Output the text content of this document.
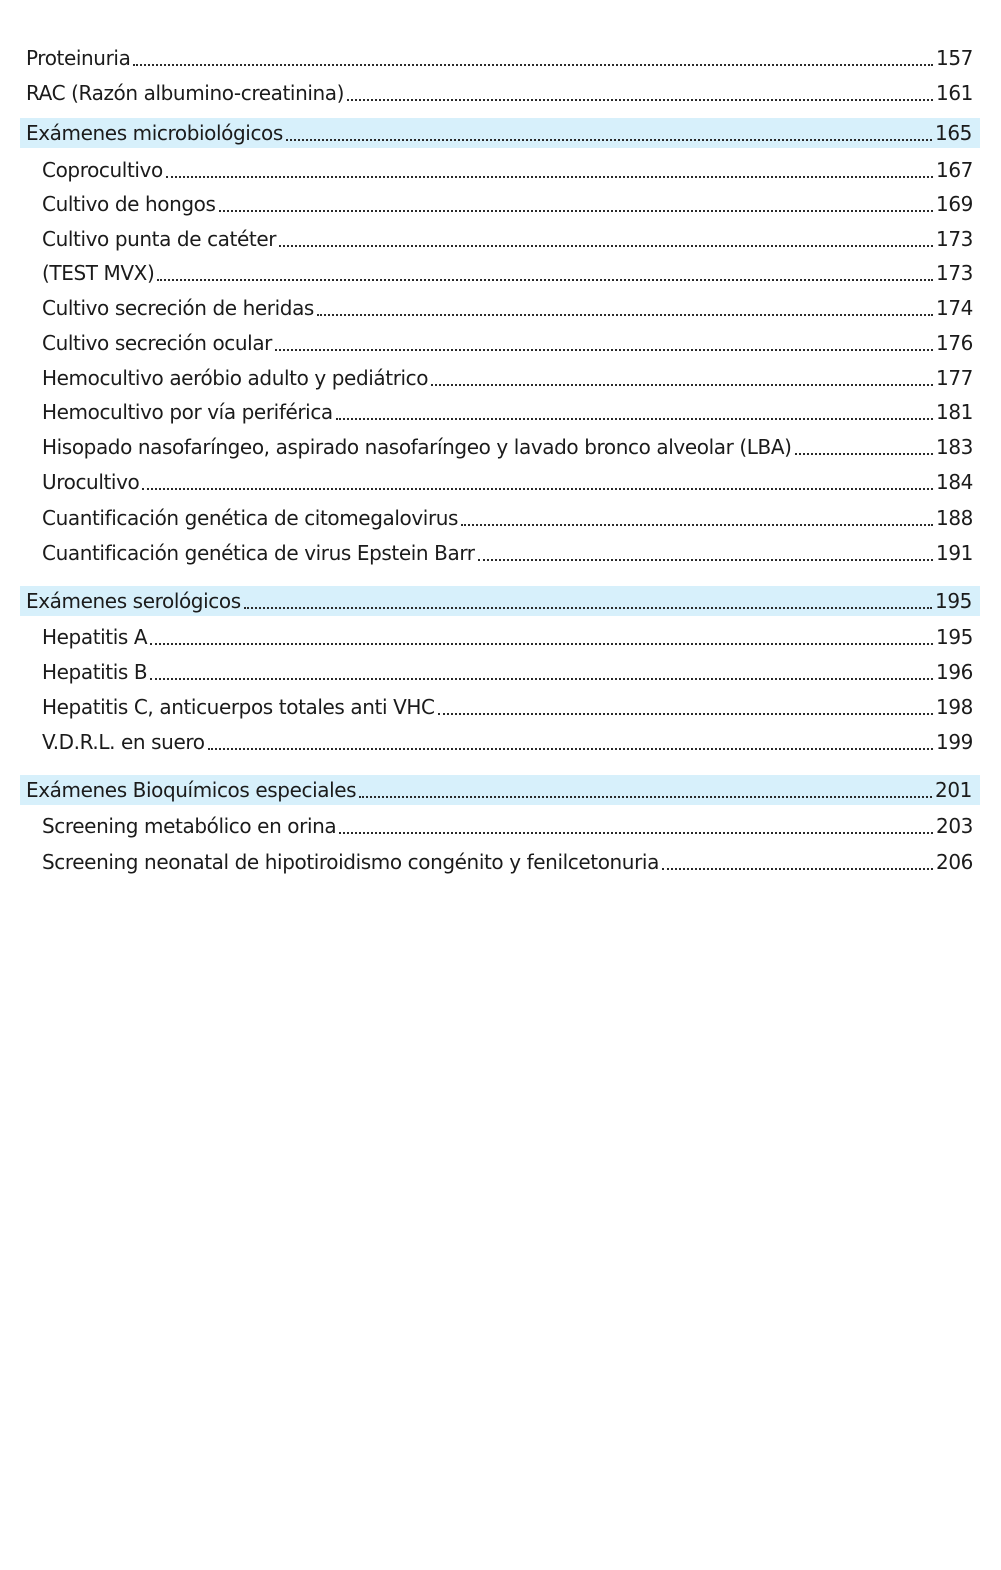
Proteinuria	157
RAC (Razón albumino-creatinina)	161
Exámenes microbiológicos	165
Coprocultivo	167
Cultivo de hongos	169
Cultivo punta de catéter	173
(TEST MVX)	173
Cultivo secreción de heridas	174
Cultivo secreción ocular	176
Hemocultivo aeróbio adulto y pediátrico	177
Hemocultivo por vía periférica	181
Hisopado nasofaríngeo, aspirado nasofaríngeo y lavado bronco alveolar (LBA)	183
Urocultivo	184
Cuantificación genética de citomegalovirus	188
Cuantificación genética de virus Epstein Barr	191
Exámenes serológicos	195
Hepatitis A	195
Hepatitis B	196
Hepatitis C, anticuerpos totales anti VHC	198
V.D.R.L. en suero	199
Exámenes Bioquímicos especiales	201
Screening metabólico en orina	203
Screening neonatal de hipotiroidismo congénito y fenilcetonuria	206
